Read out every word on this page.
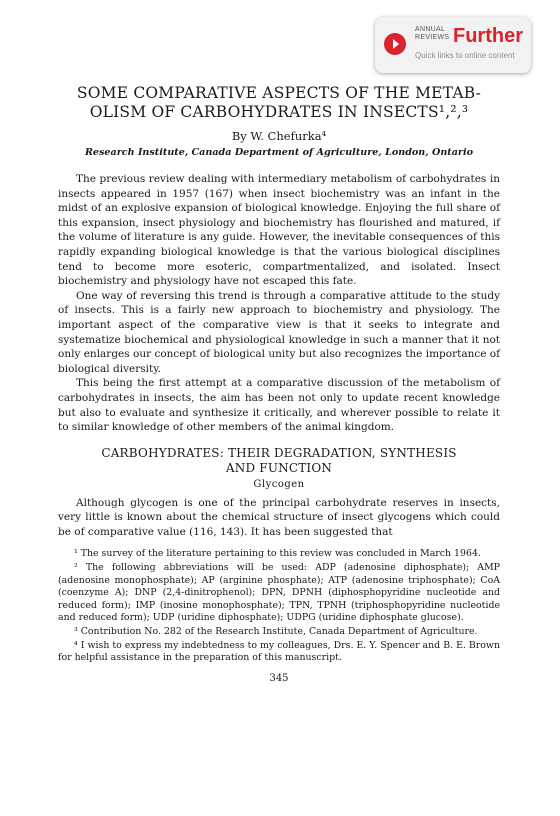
ANNUAL
REVIEWS Further
Quick links to online content
SOME COMPARATIVE ASPECTS OF THE METAB-
OLISM OF CARBOHYDRATES IN INSECTS¹,²,³
By W. Chefurka⁴
Research Institute, Canada Department of Agriculture, London, Ontario

The previous review dealing with intermediary metabolism of carbohydrates in insects appeared in 1957 (167) when insect biochemistry was an infant in the midst of an explosive expansion of biological knowledge. Enjoying the full share of this expansion, insect physiology and biochemistry has flourished and matured, if the volume of literature is any guide. However, the inevitable consequences of this rapidly expanding biological knowledge is that the various biological disciplines tend to become more esoteric, compartmentalized, and isolated. Insect biochemistry and physiology have not escaped this fate.

One way of reversing this trend is through a comparative attitude to the study of insects. This is a fairly new approach to biochemistry and physiology. The important aspect of the comparative view is that it seeks to integrate and systematize biochemical and physiological knowledge in such a manner that it not only enlarges our concept of biological unity but also recognizes the importance of biological diversity.

This being the first attempt at a comparative discussion of the metabolism of carbohydrates in insects, the aim has been not only to update recent knowledge but also to evaluate and synthesize it critically, and wherever possible to relate it to similar knowledge of other members of the animal kingdom.

CARBOHYDRATES: THEIR DEGRADATION, SYNTHESIS
AND FUNCTION
Glycogen

Although glycogen is one of the principal carbohydrate reserves in insects, very little is known about the chemical structure of insect glycogens which could be of comparative value (116, 143). It has been suggested that

¹ The survey of the literature pertaining to this review was concluded in March 1964.

² The following abbreviations will be used: ADP (adenosine diphosphate); AMP (adenosine monophosphate); AP (arginine phosphate); ATP (adenosine triphosphate); CoA (coenzyme A); DNP (2,4-dinitrophenol); DPN, DPNH (diphosphopyridine nucleotide and reduced form); IMP (inosine monophosphate); TPN, TPNH (triphosphopyridine nucleotide and reduced form); UDP (uridine diphosphate); UDPG (uridine diphosphate glucose).

³ Contribution No. 282 of the Research Institute, Canada Department of Agriculture.

⁴ I wish to express my indebtedness to my colleagues, Drs. E. Y. Spencer and B. E. Brown for helpful assistance in the preparation of this manuscript.

345
